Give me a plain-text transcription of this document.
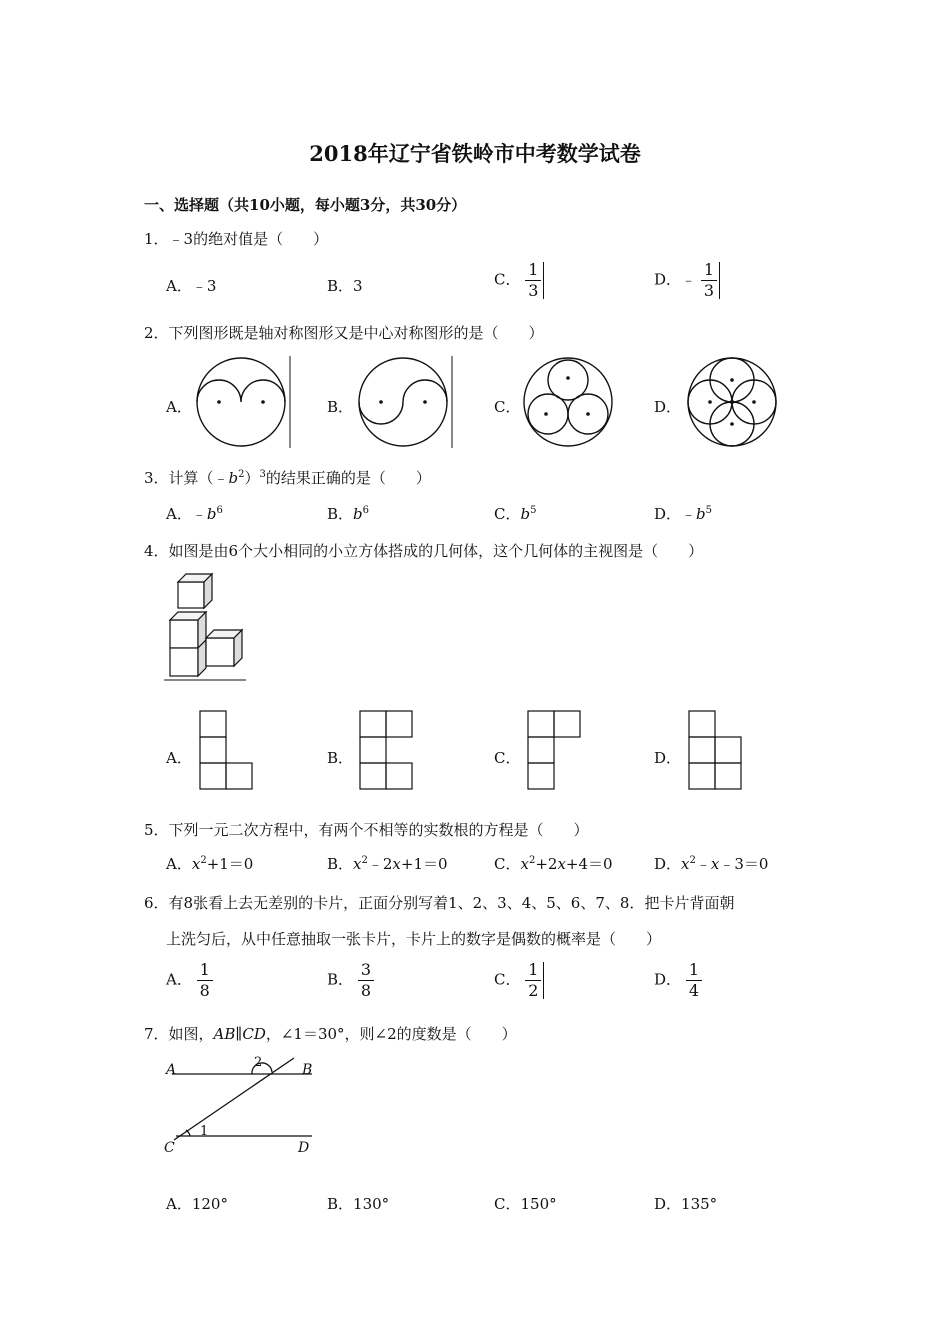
2018年辽宁省铁岭市中考数学试卷
一、选择题（共10小题，每小题3分，共30分）
1．﹣3的绝对值是（　　）
A．﹣3	B．3	C． $\frac{1}{3}$	D．﹣ $\frac{1}{3}$
2．下列图形既是轴对称图形又是中心对称图形的是（　　）
A．	B．	C．	D．
3．计算$(﹣b^2)^3$的结果正确的是（　　）
A．$﹣b^6$	B．$b^6$	C．$b^5$	D．$﹣b^5$
4．如图是由6个大小相同的小立方体搭成的几何体，这个几何体的主视图是（　　）
A．	B．	C．	D．
5．下列一元二次方程中，有两个不相等的实数根的方程是（　　）
A．$x^2+1=0$	B．$x^2﹣2x+1=0$	C．$x^2+2x+4=0$	D．$x^2﹣x﹣3=0$
6．有8张看上去无差别的卡片，正面分别写着1、2、3、4、5、6、7、8．把卡片背面朝
上洗匀后，从中任意抽取一张卡片，卡片上的数字是偶数的概率是（　　）
A． $\frac{1}{8}$	B． $\frac{3}{8}$	C． $\frac{1}{2}$	D． $\frac{1}{4}$
7．如图，AB∥CD，∠1＝30°，则∠2的度数是（　　）
A	B
C	D
1
2
A．120°	B．130°	C．150°	D．135°
